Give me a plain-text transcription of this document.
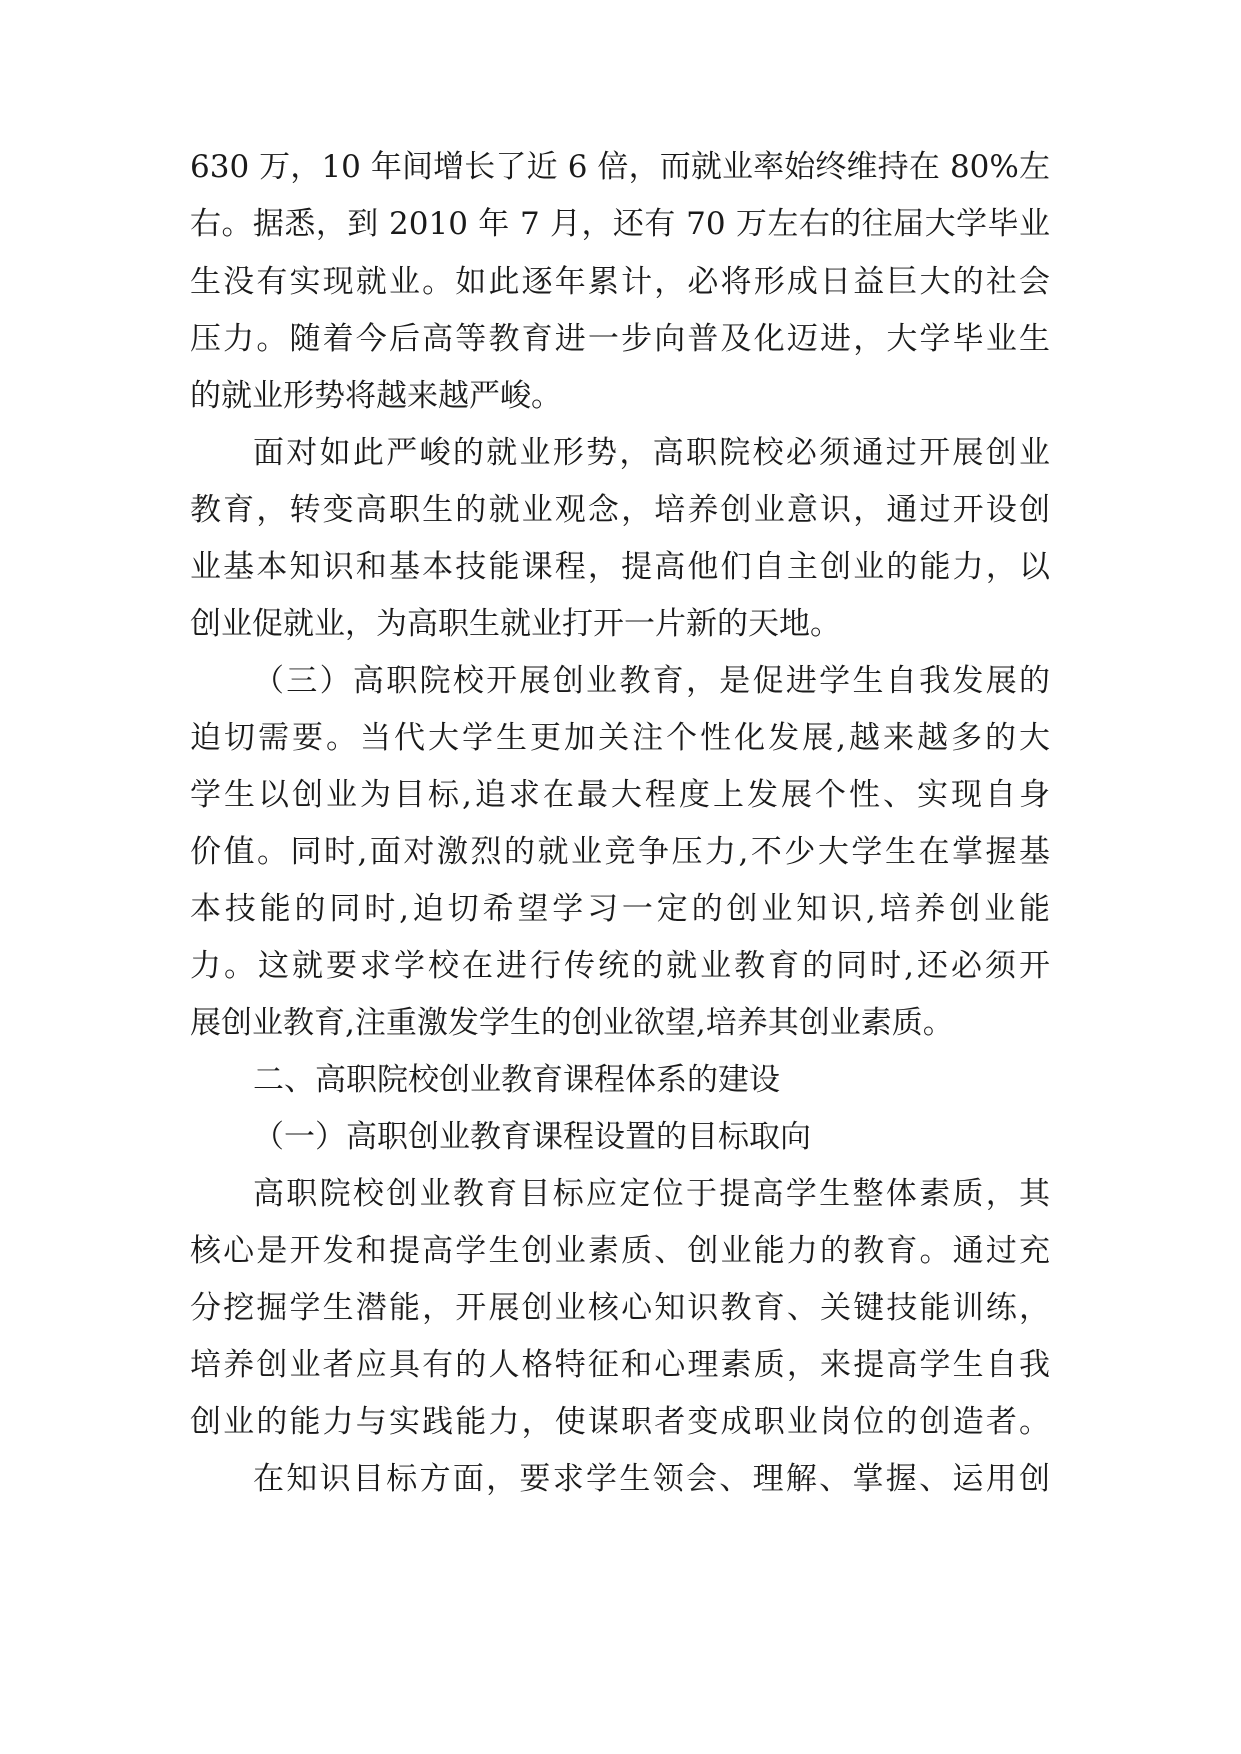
630 万，10 年间增长了近 6 倍，而就业率始终维持在 80%左
右。据悉，到 2010 年 7 月，还有 70 万左右的往届大学毕业
生没有实现就业。如此逐年累计，必将形成日益巨大的社会
压力。随着今后高等教育进一步向普及化迈进，大学毕业生
的就业形势将越来越严峻。
面对如此严峻的就业形势，高职院校必须通过开展创业
教育，转变高职生的就业观念，培养创业意识，通过开设创
业基本知识和基本技能课程，提高他们自主创业的能力，以
创业促就业，为高职生就业打开一片新的天地。
（三）高职院校开展创业教育，是促进学生自我发展的
迫切需要。当代大学生更加关注个性化发展,越来越多的大
学生以创业为目标,追求在最大程度上发展个性、实现自身
价值。同时,面对激烈的就业竞争压力,不少大学生在掌握基
本技能的同时,迫切希望学习一定的创业知识,培养创业能
力。这就要求学校在进行传统的就业教育的同时,还必须开
展创业教育,注重激发学生的创业欲望,培养其创业素质。
二、高职院校创业教育课程体系的建设
（一）高职创业教育课程设置的目标取向
高职院校创业教育目标应定位于提高学生整体素质，其
核心是开发和提高学生创业素质、创业能力的教育。通过充
分挖掘学生潜能，开展创业核心知识教育、关键技能训练，
培养创业者应具有的人格特征和心理素质，来提高学生自我
创业的能力与实践能力，使谋职者变成职业岗位的创造者。
在知识目标方面，要求学生领会、理解、掌握、运用创
